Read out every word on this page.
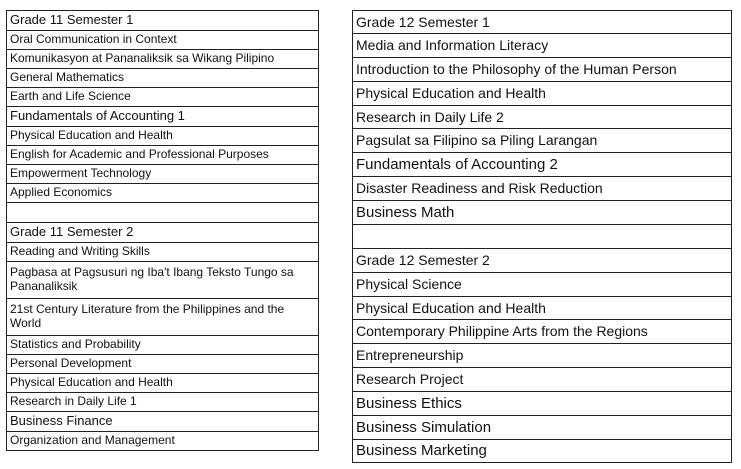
Grade 11 Semester 1
Oral Communication in Context
Komunikasyon at Pananaliksik sa Wikang Pilipino
General Mathematics
Earth and Life Science
Fundamentals of Accounting 1
Physical Education and Health
English for Academic and Professional Purposes
Empowerment Technology
Applied Economics

Grade 11 Semester 2
Reading and Writing Skills
Pagbasa at Pagsusuri ng Iba't Ibang Teksto Tungo sa Pananaliksik
21st Century Literature from the Philippines and the World
Statistics and Probability
Personal Development
Physical Education and Health
Research in Daily Life 1
Business Finance
Organization and Management
Grade 12 Semester 1
Media and Information Literacy
Introduction to the Philosophy of the Human Person
Physical Education and Health
Research in Daily Life 2
Pagsulat sa Filipino sa Piling Larangan
Fundamentals of Accounting 2
Disaster Readiness and Risk Reduction
Business Math

Grade 12 Semester 2
Physical Science
Physical Education and Health
Contemporary Philippine Arts from the Regions
Entrepreneurship
Research Project
Business Ethics
Business Simulation
Business Marketing
